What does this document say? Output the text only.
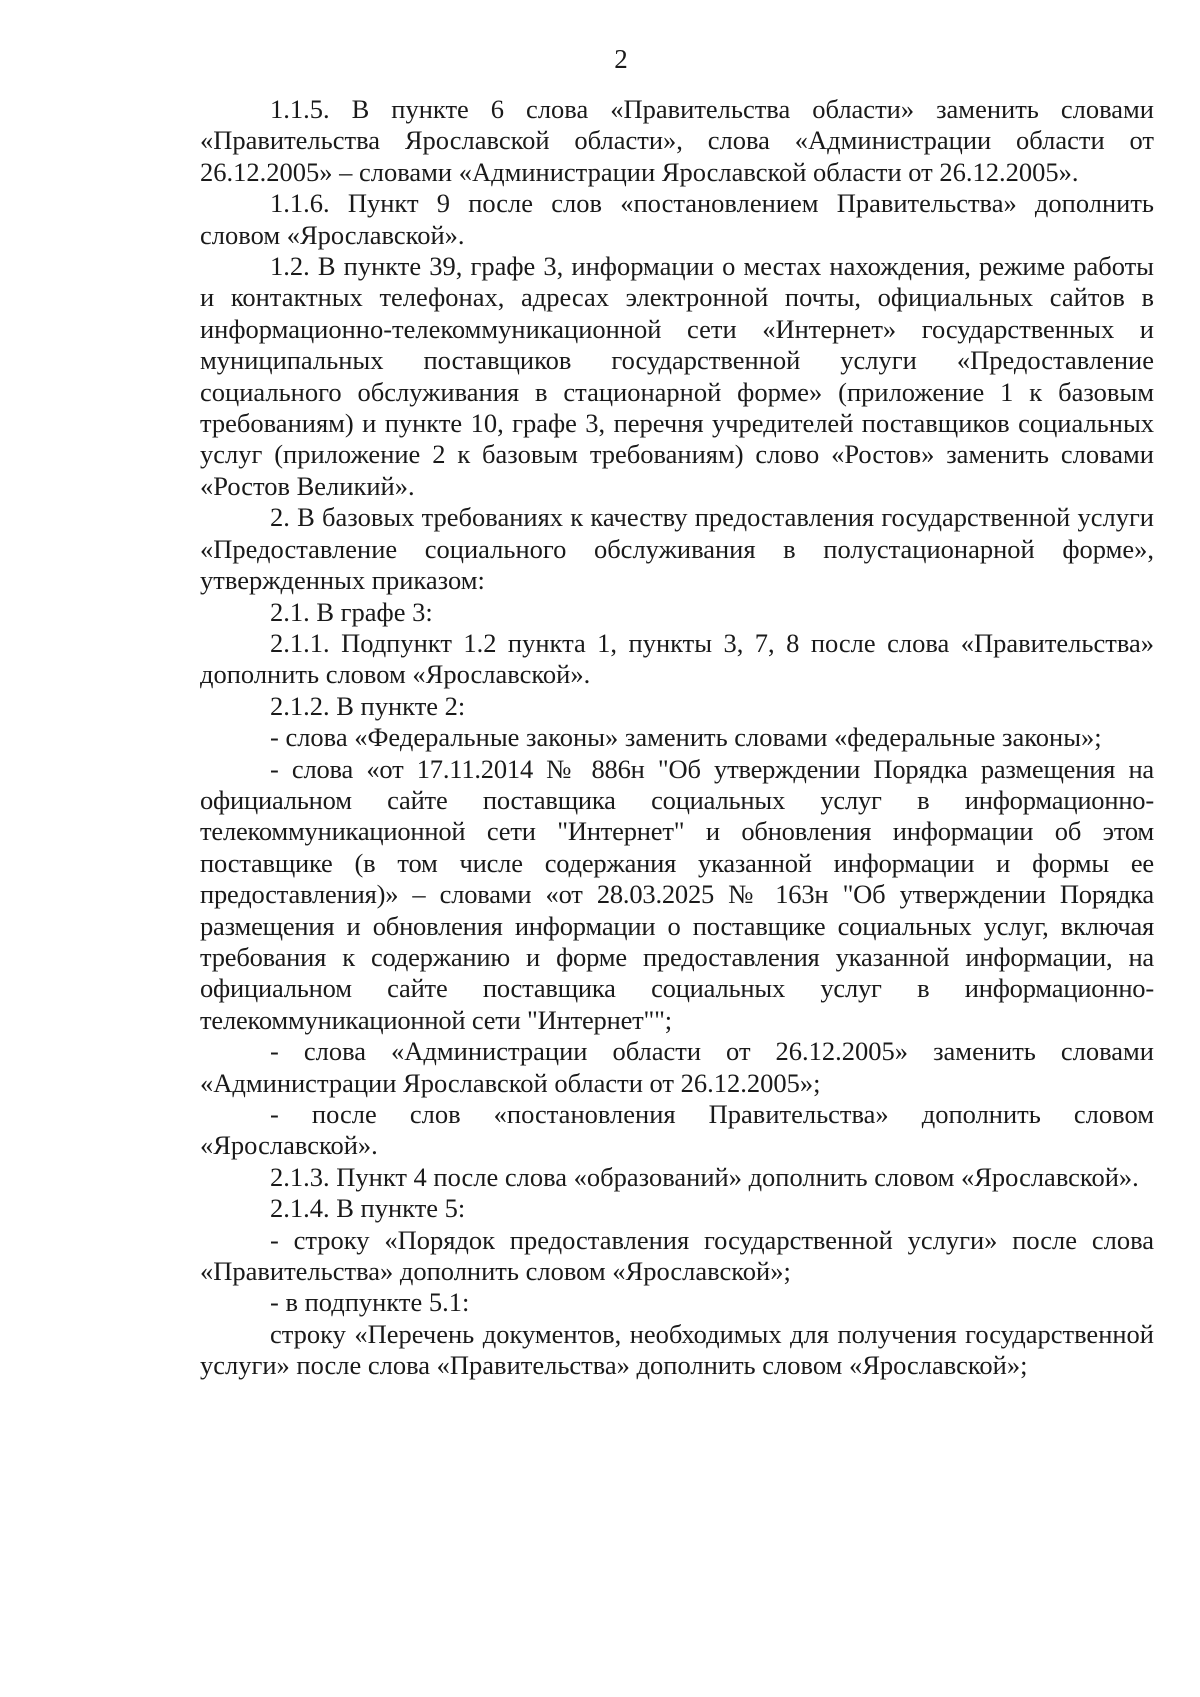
2

1.1.5. В пункте 6 слова «Правительства области» заменить словами «Правительства Ярославской области», слова «Администрации области от 26.12.2005» – словами «Администрации Ярославской области от 26.12.2005».

1.1.6. Пункт 9 после слов «постановлением Правительства» дополнить словом «Ярославской».

1.2. В пункте 39, графе 3, информации о местах нахождения, режиме работы и контактных телефонах, адресах электронной почты, официальных сайтов в информационно-телекоммуникационной сети «Интернет» государственных и муниципальных поставщиков государственной услуги «Предоставление социального обслуживания в стационарной форме» (приложение 1 к базовым требованиям) и пункте 10, графе 3, перечня учредителей поставщиков социальных услуг (приложение 2 к базовым требованиям) слово «Ростов» заменить словами «Ростов Великий».

2. В базовых требованиях к качеству предоставления государственной услуги «Предоставление социального обслуживания в полустационарной форме», утвержденных приказом:

2.1. В графе 3:

2.1.1. Подпункт 1.2 пункта 1, пункты 3, 7, 8 после слова «Правительства» дополнить словом «Ярославской».

2.1.2. В пункте 2:

- слова «Федеральные законы» заменить словами «федеральные законы»;

- слова «от 17.11.2014 № 886н "Об утверждении Порядка размещения на официальном сайте поставщика социальных услуг в информационно-телекоммуникационной сети "Интернет" и обновления информации об этом поставщике (в том числе содержания указанной информации и формы ее предоставления)» – словами «от 28.03.2025 № 163н "Об утверждении Порядка размещения и обновления информации о поставщике социальных услуг, включая требования к содержанию и форме предоставления указанной информации, на официальном сайте поставщика социальных услуг в информационно-телекоммуникационной сети "Интернет"";

- слова «Администрации области от 26.12.2005» заменить словами «Администрации Ярославской области от 26.12.2005»;

- после слов «постановления Правительства» дополнить словом «Ярославской».

2.1.3. Пункт 4 после слова «образований» дополнить словом «Ярославской».

2.1.4. В пункте 5:

- строку «Порядок предоставления государственной услуги» после слова «Правительства» дополнить словом «Ярославской»;

- в подпункте 5.1:

строку «Перечень документов, необходимых для получения государственной услуги» после слова «Правительства» дополнить словом «Ярославской»;
